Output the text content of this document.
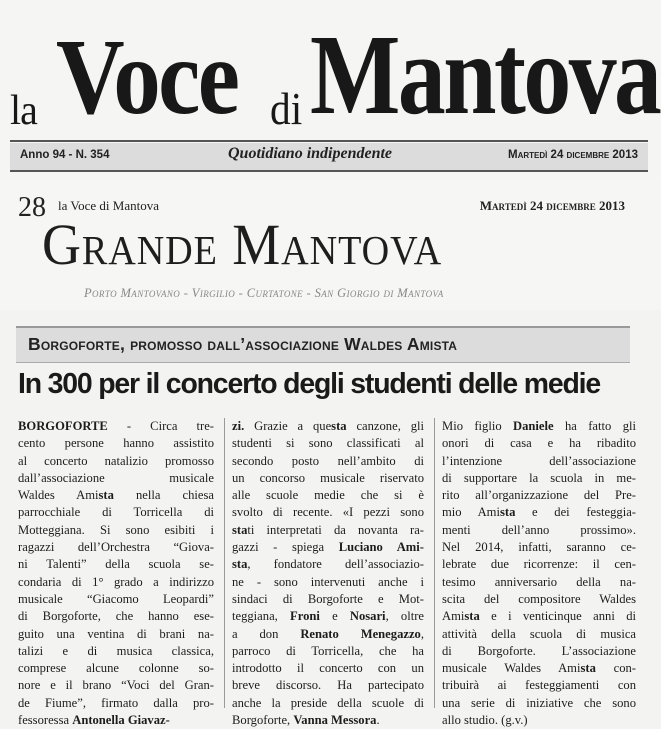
la Voce di Mantova
Anno 94 - N. 354	Quotidiano indipendente	Martedì 24 dicembre 2013
28 la Voce di Mantova	Martedì 24 dicembre 2013
Grande Mantova
Porto Mantovano - Virgilio - Curtatone - San Giorgio di Mantova
Borgoforte, promosso dall’associazione Waldes Amista
In 300 per il concerto degli studenti delle medie
BORGOFORTE - Circa tre-
cento persone hanno assistito
al concerto natalizio promosso
dall’associazione musicale
Waldes Amista nella chiesa
parrocchiale di Torricella di
Motteggiana. Si sono esibiti i
ragazzi dell’Orchestra “Giova-
ni Talenti” della scuola se-
condaria di 1° grado a indirizzo
musicale “Giacomo Leopardi”
di Borgoforte, che hanno ese-
guito una ventina di brani na-
talizi e di musica classica,
comprese alcune colonne so-
nore e il brano “Voci del Gran-
de Fiume”, firmato dalla pro-
fessoressa Antonella Giavaz-
zi. Grazie a questa canzone, gli
studenti si sono classificati al
secondo posto nell’ambito di
un concorso musicale riservato
alle scuole medie che si è
svolto di recente. «I pezzi sono
stati interpretati da novanta ra-
gazzi - spiega Luciano Ami-
sta, fondatore dell’associazio-
ne - sono intervenuti anche i
sindaci di Borgoforte e Mot-
teggiana, Froni e Nosari, oltre
a don Renato Menegazzo,
parroco di Torricella, che ha
introdotto il concerto con un
breve discorso. Ha partecipato
anche la preside della scuole di
Borgoforte, Vanna Messora.
Mio figlio Daniele ha fatto gli
onori di casa e ha ribadito
l’intenzione dell’associazione
di supportare la scuola in me-
rito all’organizzazione del Pre-
mio Amista e dei festeggia-
menti dell’anno prossimo».
Nel 2014, infatti, saranno ce-
lebrate due ricorrenze: il cen-
tesimo anniversario della na-
scita del compositore Waldes
Amista e i venticinque anni di
attività della scuola di musica
di Borgoforte. L’associazione
musicale Waldes Amista con-
tribuirà ai festeggiamenti con
una serie di iniziative che sono
allo studio. (g.v.)
